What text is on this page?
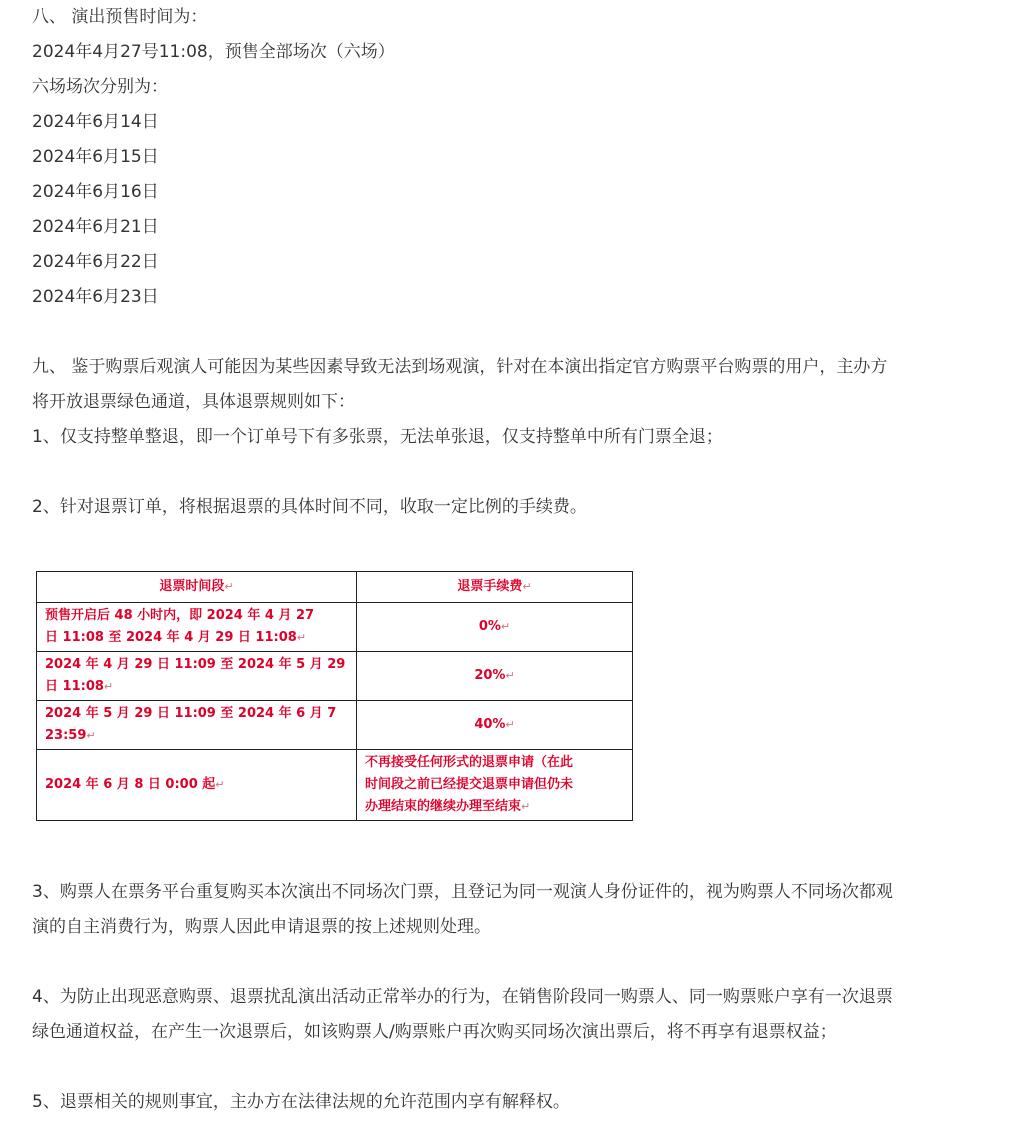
八、 演出预售时间为：
2024年4月27号11:08，预售全部场次（六场）
六场场次分别为：
2024年6月14日
2024年6月15日
2024年6月16日
2024年6月21日
2024年6月22日
2024年6月23日
九、 鉴于购票后观演人可能因为某些因素导致无法到场观演，针对在本演出指定官方购票平台购票的用户，主办方
将开放退票绿色通道，具体退票规则如下：
1、仅支持整单整退，即一个订单号下有多张票，无法单张退，仅支持整单中所有门票全退；
2、针对退票订单，将根据退票的具体时间不同，收取一定比例的手续费。
退票时间段↵	退票手续费↵

预售开启后 48 小时内，即 2024 年 4 月 27
日 11:08 至 2024 年 4 月 29 日 11:08↵	0%↵

2024 年 4 月 29 日 11:09 至 2024 年 5 月 29
日 11:08↵	20%↵

2024 年 5 月 29 日 11:09 至 2024 年 6 月 7
23:59↵	40%↵
2024 年 6 月 8 日 0:00 起↵	不再接受任何形式的退票申请（在此
时间段之前已经提交退票申请但仍未
办理结束的继续办理至结束↵
3、购票人在票务平台重复购买本次演出不同场次门票，且登记为同一观演人身份证件的，视为购票人不同场次都观
演的自主消费行为，购票人因此申请退票的按上述规则处理。
4、为防止出现恶意购票、退票扰乱演出活动正常举办的行为，在销售阶段同一购票人、同一购票账户享有一次退票
绿色通道权益，在产生一次退票后，如该购票人/购票账户再次购买同场次演出票后，将不再享有退票权益；
5、退票相关的规则事宜，主办方在法律法规的允许范围内享有解释权。
